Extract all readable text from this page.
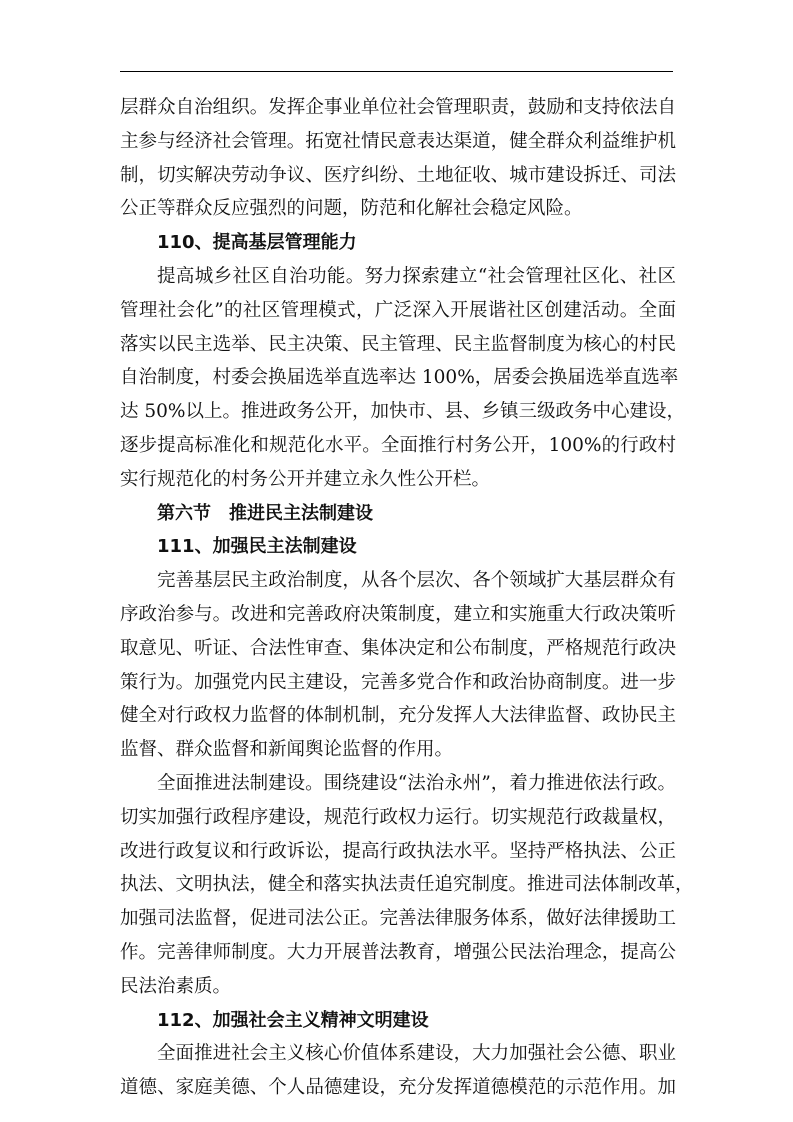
层群众自治组织。发挥企事业单位社会管理职责，鼓励和支持依法自
主参与经济社会管理。拓宽社情民意表达渠道，健全群众利益维护机
制，切实解决劳动争议、医疗纠纷、土地征收、城市建设拆迁、司法
公正等群众反应强烈的问题，防范和化解社会稳定风险。
110、提高基层管理能力
提高城乡社区自治功能。努力探索建立“社会管理社区化、社区
管理社会化”的社区管理模式，广泛深入开展谐社区创建活动。全面
落实以民主选举、民主决策、民主管理、民主监督制度为核心的村民
自治制度，村委会换届选举直选率达 100%，居委会换届选举直选率
达 50%以上。推进政务公开，加快市、县、乡镇三级政务中心建设，
逐步提高标准化和规范化水平。全面推行村务公开，100%的行政村
实行规范化的村务公开并建立永久性公开栏。
第六节　推进民主法制建设
111、加强民主法制建设
完善基层民主政治制度，从各个层次、各个领域扩大基层群众有
序政治参与。改进和完善政府决策制度，建立和实施重大行政决策听
取意见、听证、合法性审查、集体决定和公布制度，严格规范行政决
策行为。加强党内民主建设，完善多党合作和政治协商制度。进一步
健全对行政权力监督的体制机制，充分发挥人大法律监督、政协民主
监督、群众监督和新闻舆论监督的作用。
全面推进法制建设。围绕建设“法治永州”，着力推进依法行政。
切实加强行政程序建设，规范行政权力运行。切实规范行政裁量权，
改进行政复议和行政诉讼，提高行政执法水平。坚持严格执法、公正
执法、文明执法，健全和落实执法责任追究制度。推进司法体制改革，
加强司法监督，促进司法公正。完善法律服务体系，做好法律援助工
作。完善律师制度。大力开展普法教育，增强公民法治理念，提高公
民法治素质。
112、加强社会主义精神文明建设
全面推进社会主义核心价值体系建设，大力加强社会公德、职业
道德、家庭美德、个人品德建设，充分发挥道德模范的示范作用。加
